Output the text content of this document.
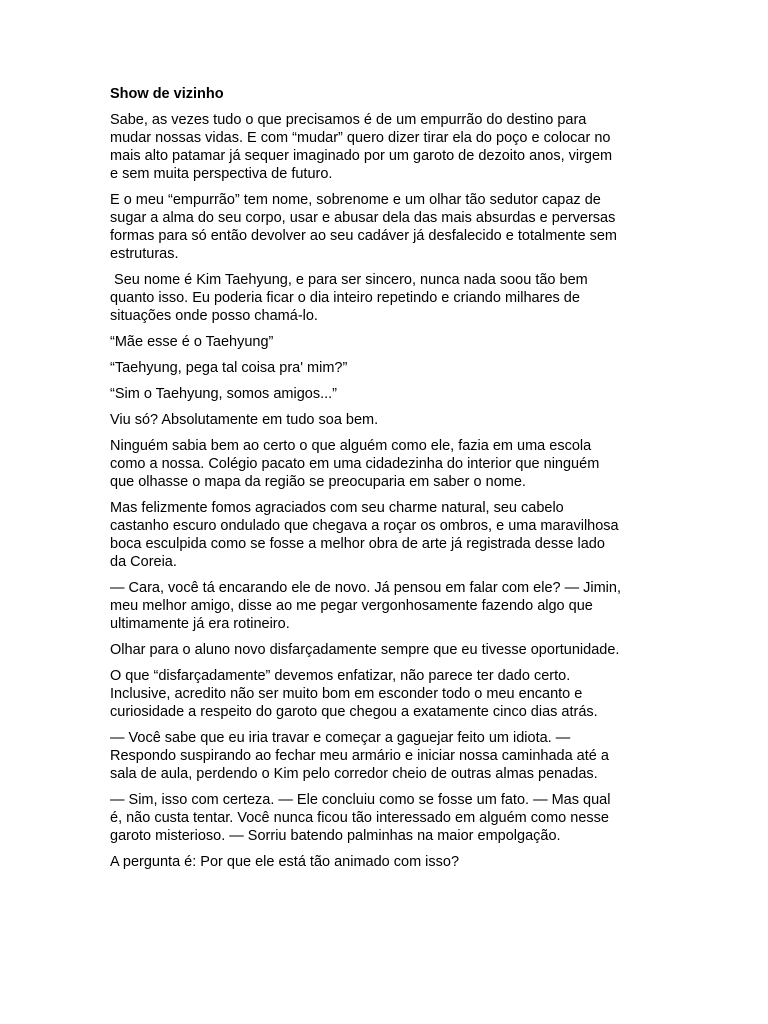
Show de vizinho

Sabe, as vezes tudo o que precisamos é de um empurrão do destino para
mudar nossas vidas. E com “mudar” quero dizer tirar ela do poço e colocar no
mais alto patamar já sequer imaginado por um garoto de dezoito anos, virgem
e sem muita perspectiva de futuro.

E o meu “empurrão” tem nome, sobrenome e um olhar tão sedutor capaz de
sugar a alma do seu corpo, usar e abusar dela das mais absurdas e perversas
formas para só então devolver ao seu cadáver já desfalecido e totalmente sem
estruturas.

Seu nome é Kim Taehyung, e para ser sincero, nunca nada soou tão bem
quanto isso. Eu poderia ficar o dia inteiro repetindo e criando milhares de
situações onde posso chamá-lo.

“Mãe esse é o Taehyung”

“Taehyung, pega tal coisa pra' mim?”

“Sim o Taehyung, somos amigos...”

Viu só? Absolutamente em tudo soa bem.

Ninguém sabia bem ao certo o que alguém como ele, fazia em uma escola
como a nossa. Colégio pacato em uma cidadezinha do interior que ninguém
que olhasse o mapa da região se preocuparia em saber o nome.

Mas felizmente fomos agraciados com seu charme natural, seu cabelo
castanho escuro ondulado que chegava a roçar os ombros, e uma maravilhosa
boca esculpida como se fosse a melhor obra de arte já registrada desse lado
da Coreia.

— Cara, você tá encarando ele de novo. Já pensou em falar com ele? — Jimin,
meu melhor amigo, disse ao me pegar vergonhosamente fazendo algo que
ultimamente já era rotineiro.

Olhar para o aluno novo disfarçadamente sempre que eu tivesse oportunidade.

O que “disfarçadamente” devemos enfatizar, não parece ter dado certo.
Inclusive, acredito não ser muito bom em esconder todo o meu encanto e
curiosidade a respeito do garoto que chegou a exatamente cinco dias atrás.

— Você sabe que eu iria travar e começar a gaguejar feito um idiota. —
Respondo suspirando ao fechar meu armário e iniciar nossa caminhada até a
sala de aula, perdendo o Kim pelo corredor cheio de outras almas penadas.

— Sim, isso com certeza. — Ele concluiu como se fosse um fato. — Mas qual
é, não custa tentar. Você nunca ficou tão interessado em alguém como nesse
garoto misterioso. — Sorriu batendo palminhas na maior empolgação.

A pergunta é: Por que ele está tão animado com isso?
